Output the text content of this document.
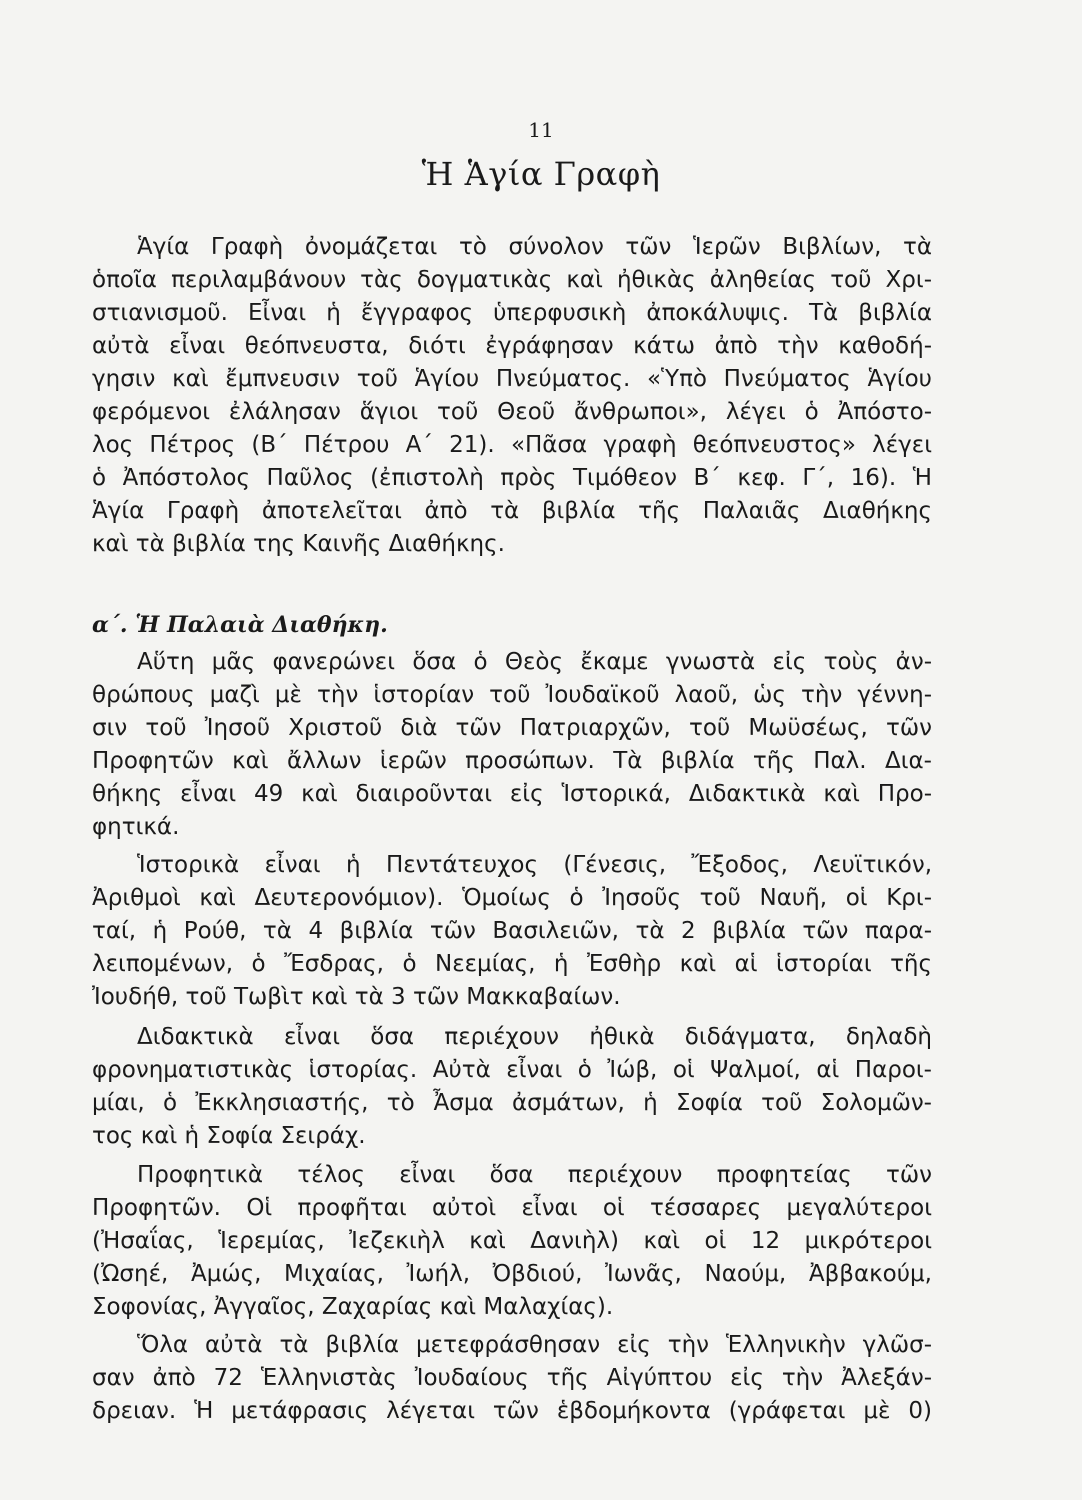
11
Ἡ Ἁγία Γραφὴ
Ἁγία Γραφὴ ὀνομάζεται τὸ σύνολον τῶν Ἱερῶν Βιβλίων, τὰ
ὁποῖα περιλαμβάνουν τὰς δογματικὰς καὶ ἠθικὰς ἀληθείας τοῦ Χρι-
στιανισμοῦ. Εἶναι ἡ ἔγγραφος ὑπερφυσικὴ ἀποκάλυψις. Τὰ βιβλία
αὐτὰ εἶναι θεόπνευστα, διότι ἐγράφησαν κάτω ἀπὸ τὴν καθοδή-
γησιν καὶ ἔμπνευσιν τοῦ Ἁγίου Πνεύματος. «Ὑπὸ Πνεύματος Ἁγίου
φερόμενοι ἐλάλησαν ἅγιοι τοῦ Θεοῦ ἄνθρωποι», λέγει ὁ Ἀπόστο-
λος Πέτρος (Β΄ Πέτρου Α΄ 21). «Πᾶσα γραφὴ θεόπνευστος» λέγει
ὁ Ἀπόστολος Παῦλος (ἐπιστολὴ πρὸς Τιμόθεον Β΄ κεφ. Γ΄, 16). Ἡ
Ἁγία Γραφὴ ἀποτελεῖται ἀπὸ τὰ βιβλία τῆς Παλαιᾶς Διαθήκης
καὶ τὰ βιβλία της Καινῆς Διαθήκης.
Αὕτη μᾶς φανερώνει ὅσα ὁ Θεὸς ἔκαμε γνωστὰ εἰς τοὺς ἀν-
θρώπους μαζὶ μὲ τὴν ἱστορίαν τοῦ Ἰουδαϊκοῦ λαοῦ, ὡς τὴν γέννη-
σιν τοῦ Ἰησοῦ Χριστοῦ διὰ τῶν Πατριαρχῶν, τοῦ Μωϋσέως, τῶν
Προφητῶν καὶ ἄλλων ἱερῶν προσώπων. Τὰ βιβλία τῆς Παλ. Δια-
θήκης εἶναι 49 καὶ διαιροῦνται εἰς Ἱστορικά, Διδακτικὰ καὶ Προ-
φητικά.
Ἱστορικὰ εἶναι ἡ Πεντάτευχος (Γένεσις, Ἔξοδος, Λευϊτικόν,
Ἀριθμοὶ καὶ Δευτερονόμιον). Ὁμοίως ὁ Ἰησοῦς τοῦ Ναυῆ, οἱ Κρι-
ταί, ἡ Ρούθ, τὰ 4 βιβλία τῶν Βασιλειῶν, τὰ 2 βιβλία τῶν παρα-
λειπομένων, ὁ Ἔσδρας, ὁ Νεεμίας, ἡ Ἐσθὴρ καὶ αἱ ἱστορίαι τῆς
Ἰουδήθ, τοῦ Τωβὶτ καὶ τὰ 3 τῶν Μακκαβαίων.
Διδακτικὰ εἶναι ὅσα περιέχουν ἠθικὰ διδάγματα, δηλαδὴ
φρονηματιστικὰς ἱστορίας. Αὐτὰ εἶναι ὁ Ἰώβ, οἱ Ψαλμοί, αἱ Παροι-
μίαι, ὁ Ἐκκλησιαστής, τὸ Ἆσμα ἀσμάτων, ἡ Σοφία τοῦ Σολομῶν-
τος καὶ ἡ Σοφία Σειράχ.
Προφητικὰ τέλος εἶναι ὅσα περιέχουν προφητείας τῶν
Προφητῶν. Οἱ προφῆται αὐτοὶ εἶναι οἱ τέσσαρες μεγαλύτεροι
(Ἠσαΐας, Ἱερεμίας, Ἰεζεκιὴλ καὶ Δανιὴλ) καὶ οἱ 12 μικρότεροι
(Ὠσηέ, Ἀμώς, Μιχαίας, Ἰωήλ, Ὀβδιού, Ἰωνᾶς, Ναούμ, Ἀββακούμ,
Σοφονίας, Ἀγγαῖος, Ζαχαρίας καὶ Μαλαχίας).
Ὅλα αὐτὰ τὰ βιβλία μετεφράσθησαν εἰς τὴν Ἑλληνικὴν γλῶσ-
σαν ἀπὸ 72 Ἑλληνιστὰς Ἰουδαίους τῆς Αἰγύπτου εἰς τὴν Ἀλεξάν-
δρειαν. Ἡ μετάφρασις λέγεται τῶν ἑβδομήκοντα (γράφεται μὲ 0)
α΄. Ἡ Παλαιὰ Διαθήκη.
